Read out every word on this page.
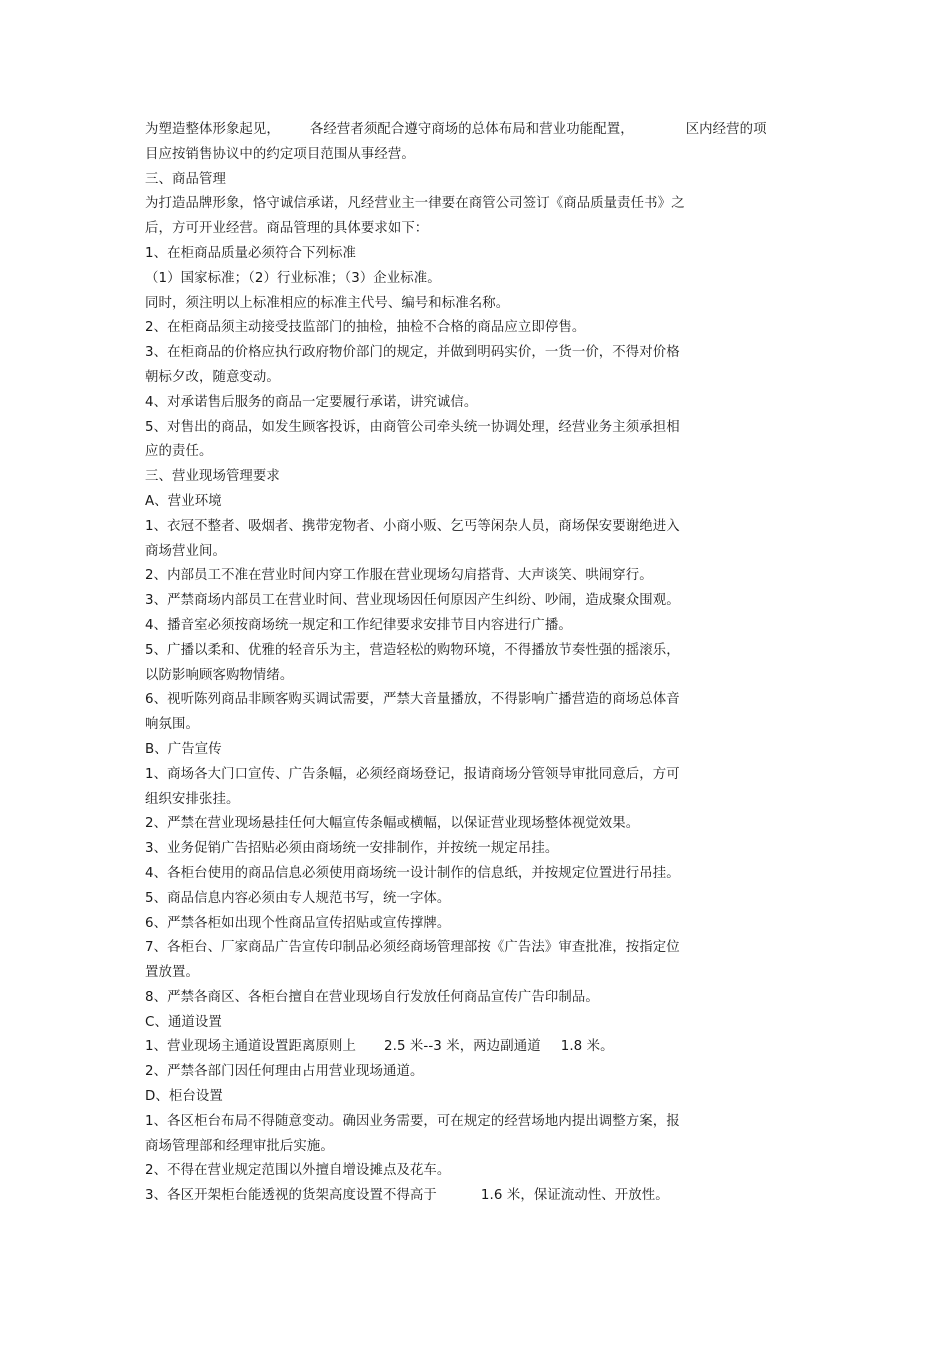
为塑造整体形象起见， 各经营者须配合遵守商场的总体布局和营业功能配置，	区内经营的项
目应按销售协议中的约定项目范围从事经营。
三、商品管理
为打造品牌形象，恪守诚信承诺，凡经营业主一律要在商管公司签订《商品质量责任书》之
后，方可开业经营。商品管理的具体要求如下：
1、在柜商品质量必须符合下列标准
（1）国家标准；（2）行业标准；（3）企业标准。
同时，须注明以上标准相应的标准主代号、编号和标准名称。
2、在柜商品须主动接受技监部门的抽检，抽检不合格的商品应立即停售。
3、在柜商品的价格应执行政府物价部门的规定，并做到明码实价，一货一价，不得对价格
朝标夕改，随意变动。
4、对承诺售后服务的商品一定要履行承诺，讲究诚信。
5、对售出的商品，如发生顾客投诉，由商管公司牵头统一协调处理，经营业务主须承担相
应的责任。
三、营业现场管理要求
A、营业环境
1、衣冠不整者、吸烟者、携带宠物者、小商小贩、乞丐等闲杂人员，商场保安要谢绝进入
商场营业间。
2、内部员工不准在营业时间内穿工作服在营业现场勾肩搭背、大声谈笑、哄闹穿行。
3、严禁商场内部员工在营业时间、营业现场因任何原因产生纠纷、吵闹，造成聚众围观。
4、播音室必须按商场统一规定和工作纪律要求安排节目内容进行广播。
5、广播以柔和、优雅的轻音乐为主，营造轻松的购物环境，不得播放节奏性强的摇滚乐，
以防影响顾客购物情绪。
6、视听陈列商品非顾客购买调试需要，严禁大音量播放，不得影响广播营造的商场总体音
响氛围。
B、广告宣传
1、商场各大门口宣传、广告条幅，必须经商场登记，报请商场分管领导审批同意后，方可
组织安排张挂。
2、严禁在营业现场悬挂任何大幅宣传条幅或横幅，以保证营业现场整体视觉效果。
3、业务促销广告招贴必须由商场统一安排制作，并按统一规定吊挂。
4、各柜台使用的商品信息必须使用商场统一设计制作的信息纸，并按规定位置进行吊挂。
5、商品信息内容必须由专人规范书写，统一字体。
6、严禁各柜如出现个性商品宣传招贴或宣传撑牌。
7、各柜台、厂家商品广告宣传印制品必须经商场管理部按《广告法》审查批准，按指定位
置放置。
8、严禁各商区、各柜台擅自在营业现场自行发放任何商品宣传广告印制品。
C、通道设置
1、营业现场主通道设置距离原则上 2.5 米--3 米，两边副通道 1.8 米。
2、严禁各部门因任何理由占用营业现场通道。
D、柜台设置
1、各区柜台布局不得随意变动。确因业务需要，可在规定的经营场地内提出调整方案，报
商场管理部和经理审批后实施。
2、不得在营业规定范围以外擅自增设摊点及花车。
3、各区开架柜台能透视的货架高度设置不得高于	1.6 米，保证流动性、开放性。
